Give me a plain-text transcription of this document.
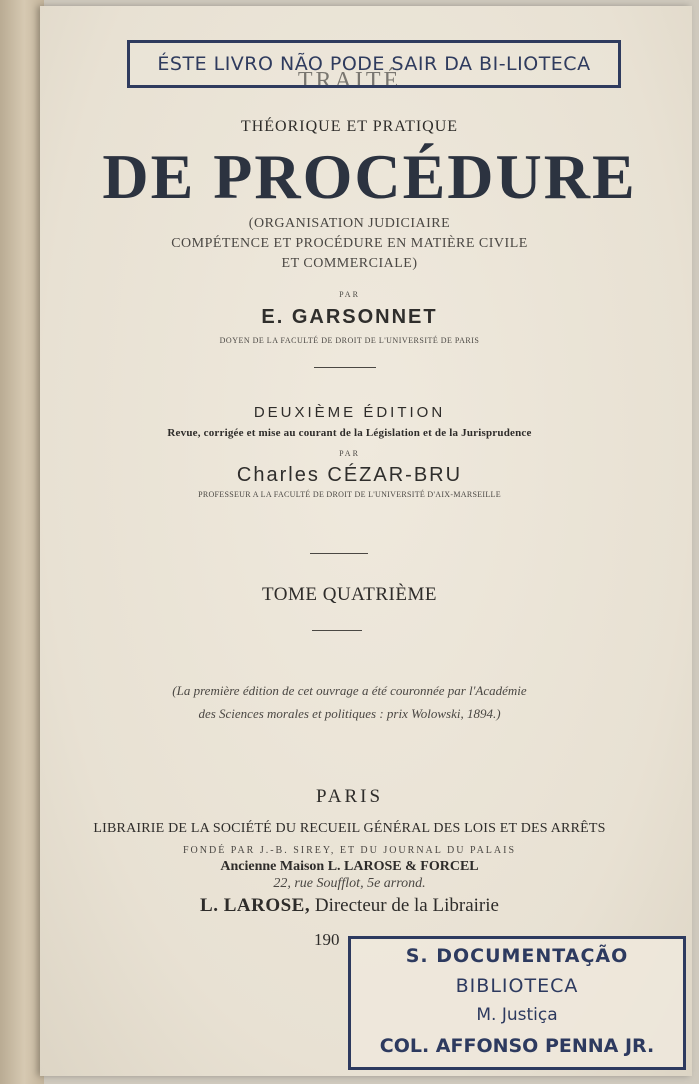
TRAITÉ
ÉSTE LIVRO NÃO PODE SAIR DA BI-LIOTECA
THÉORIQUE ET PRATIQUE
DE PROCÉDURE
(ORGANISATION JUDICIAIRE
COMPÉTENCE ET PROCÉDURE EN MATIÈRE CIVILE
ET COMMERCIALE)
PAR
E. GARSONNET
DOYEN DE LA FACULTÉ DE DROIT DE L'UNIVERSITÉ DE PARIS
DEUXIÈME ÉDITION
Revue, corrigée et mise au courant de la Législation et de la Jurisprudence
PAR
Charles CÉZAR-BRU
PROFESSEUR A LA FACULTÉ DE DROIT DE L'UNIVERSITÉ D'AIX-MARSEILLE
TOME QUATRIÈME
(La première édition de cet ouvrage a été couronnée par l'Académie
des Sciences morales et politiques : prix Wolowski, 1894.)
PARIS
LIBRAIRIE DE LA SOCIÉTÉ DU RECUEIL GÉNÉRAL DES LOIS ET DES ARRÊTS
FONDÉ PAR J.-B. SIREY, ET DU JOURNAL DU PALAIS
Ancienne Maison L. LAROSE & FORCEL
22, rue Soufflot, 5e arrond.
L. LAROSE, Directeur de la Librairie
190
S. DOCUMENTAÇÃO
BIBLIOTECA
M. Justiça
COL. AFFONSO PENNA JR.
